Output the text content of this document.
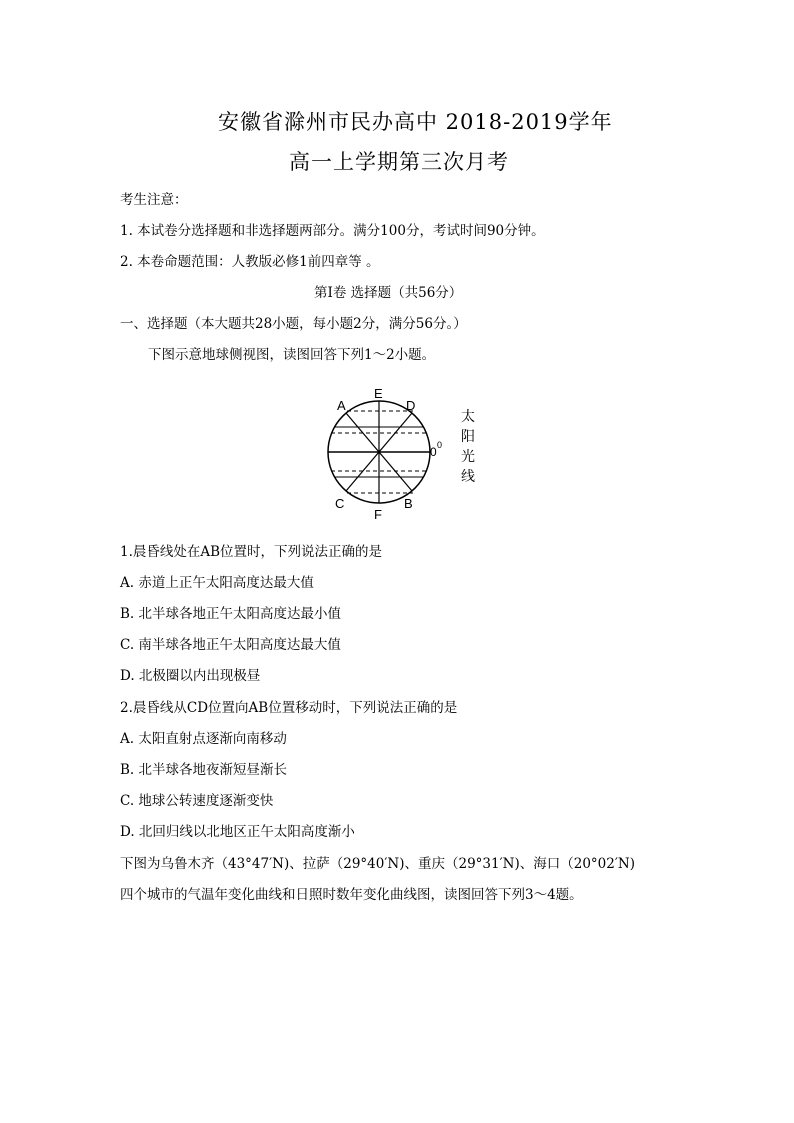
安徽省滁州市民办高中 2018-2019学年
高一上学期第三次月考
考生注意：
1. 本试卷分选择题和非选择题两部分。满分100分，考试时间90分钟。
2. 本卷命题范围：人教版必修1前四章等 。
第I卷 选择题（共56分）
一、选择题（本大题共28小题，每小题2分，满分56分。）
下图示意地球侧视图，读图回答下列1～2小题。
A
E
D
C
F
B
0 0
太
阳
光
线
1.晨昏线处在AB位置时，下列说法正确的是
A. 赤道上正午太阳高度达最大值
B. 北半球各地正午太阳高度达最小值
C. 南半球各地正午太阳高度达最大值
D. 北极圈以内出现极昼
2.晨昏线从CD位置向AB位置移动时，下列说法正确的是
A. 太阳直射点逐渐向南移动
B. 北半球各地夜渐短昼渐长
C. 地球公转速度逐渐变快
D. 北回归线以北地区正午太阳高度渐小
下图为乌鲁木齐（43°47′N)、拉萨（29°40′N)、重庆（29°31′N)、海口（20°02′N)
四个城市的气温年变化曲线和日照时数年变化曲线图，读图回答下列3～4题。
